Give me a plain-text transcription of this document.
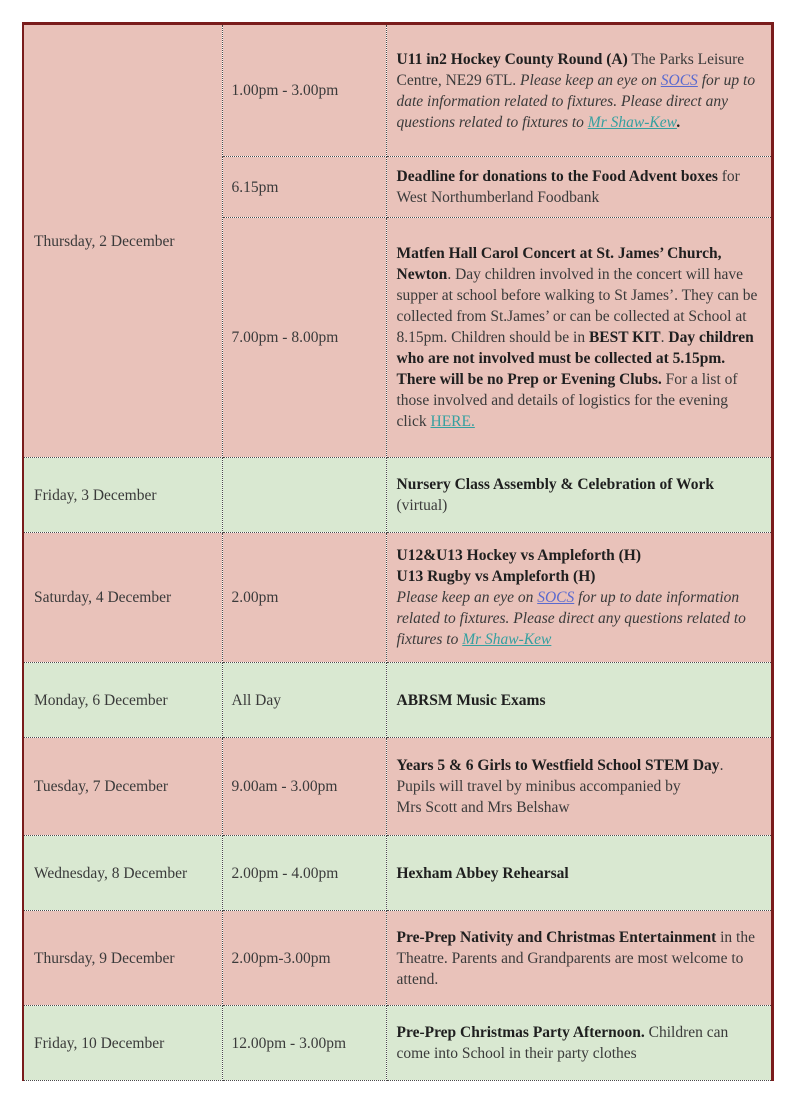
Thursday, 2 December	1.00pm - 3.00pm	U11 in2 Hockey County Round (A) The Parks Leisure Centre, NE29 6TL. Please keep an eye on SOCS for up to date information related to fixtures. Please direct any questions related to fixtures to Mr Shaw-Kew.
	6.15pm	Deadline for donations to the Food Advent boxes for West Northumberland Foodbank
	7.00pm - 8.00pm	Matfen Hall Carol Concert at St. James’ Church, Newton. Day children involved in the concert will have supper at school before walking to St James’. They can be collected from St.James’ or can be collected at School at 8.15pm. Children should be in BEST KIT. Day children who are not involved must be collected at 5.15pm. There will be no Prep or Evening Clubs. For a list of those involved and details of logistics for the evening click HERE.
Friday, 3 December		Nursery Class Assembly & Celebration of Work
(virtual)
Saturday, 4 December	2.00pm	U12&U13 Hockey vs Ampleforth (H)
U13 Rugby vs Ampleforth (H)
Please keep an eye on SOCS for up to date information related to fixtures. Please direct any questions related to fixtures to Mr Shaw-Kew
Monday, 6 December	All Day	ABRSM Music Exams
Tuesday, 7 December	9.00am - 3.00pm	Years 5 & 6 Girls to Westfield School STEM Day. Pupils will travel by minibus accompanied by
Mrs Scott and Mrs Belshaw
Wednesday, 8 December	2.00pm - 4.00pm	Hexham Abbey Rehearsal
Thursday, 9 December	2.00pm-3.00pm	Pre-Prep Nativity and Christmas Entertainment in the Theatre. Parents and Grandparents are most welcome to attend.
Friday, 10 December	12.00pm - 3.00pm	Pre-Prep Christmas Party Afternoon. Children can come into School in their party clothes
